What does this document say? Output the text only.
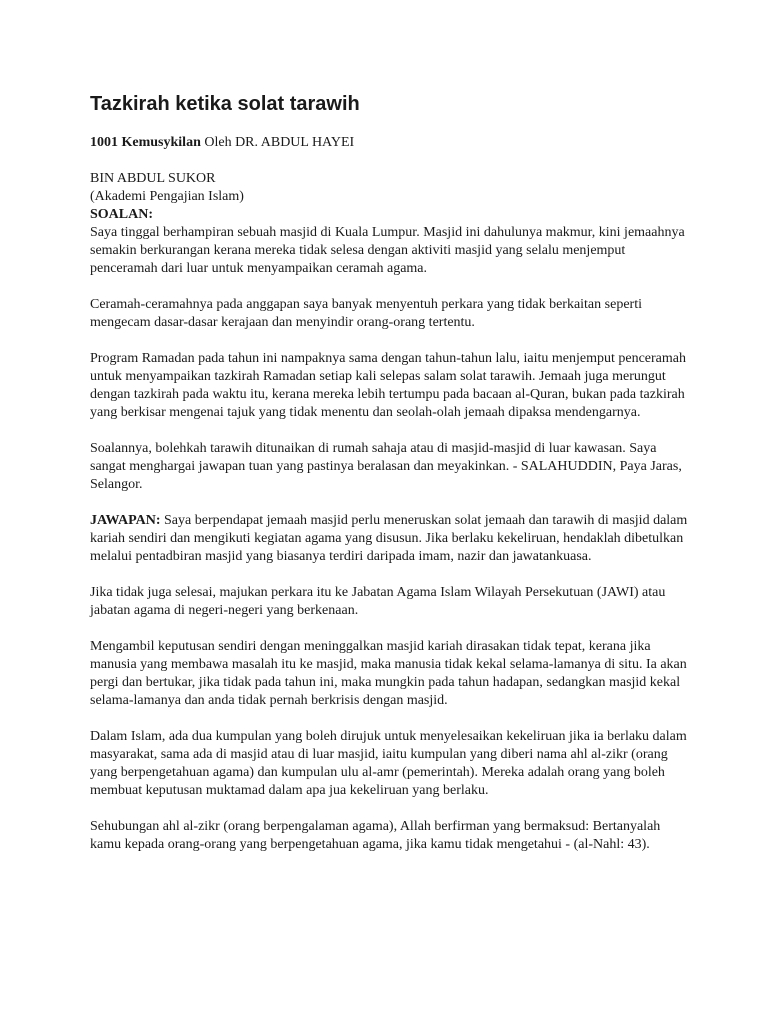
Tazkirah ketika solat tarawih

1001 Kemusykilan Oleh DR. ABDUL HAYEI

BIN ABDUL SUKOR

(Akademi Pengajian Islam)

SOALAN:

Saya tinggal berhampiran sebuah masjid di Kuala Lumpur. Masjid ini dahulunya makmur, kini jemaahnya semakin berkurangan kerana mereka tidak selesa dengan aktiviti masjid yang selalu menjemput penceramah dari luar untuk menyampaikan ceramah agama.

Ceramah-ceramahnya pada anggapan saya banyak menyentuh perkara yang tidak berkaitan seperti mengecam dasar-dasar kerajaan dan menyindir orang-orang tertentu.

Program Ramadan pada tahun ini nampaknya sama dengan tahun-tahun lalu, iaitu menjemput penceramah untuk menyampaikan tazkirah Ramadan setiap kali selepas salam solat tarawih. Jemaah juga merungut dengan tazkirah pada waktu itu, kerana mereka lebih tertumpu pada bacaan al-Quran, bukan pada tazkirah yang berkisar mengenai tajuk yang tidak menentu dan seolah-olah jemaah dipaksa mendengarnya.

Soalannya, bolehkah tarawih ditunaikan di rumah sahaja atau di masjid-masjid di luar kawasan. Saya sangat menghargai jawapan tuan yang pastinya beralasan dan meyakinkan. - SALAHUDDIN, Paya Jaras, Selangor.

JAWAPAN: Saya berpendapat jemaah masjid perlu meneruskan solat jemaah dan tarawih di masjid dalam kariah sendiri dan mengikuti kegiatan agama yang disusun. Jika berlaku kekeliruan, hendaklah dibetulkan melalui pentadbiran masjid yang biasanya terdiri daripada imam, nazir dan jawatankuasa.

Jika tidak juga selesai, majukan perkara itu ke Jabatan Agama Islam Wilayah Persekutuan (JAWI) atau jabatan agama di negeri-negeri yang berkenaan.

Mengambil keputusan sendiri dengan meninggalkan masjid kariah dirasakan tidak tepat, kerana jika manusia yang membawa masalah itu ke masjid, maka manusia tidak kekal selama-lamanya di situ. Ia akan pergi dan bertukar, jika tidak pada tahun ini, maka mungkin pada tahun hadapan, sedangkan masjid kekal selama-lamanya dan anda tidak pernah berkrisis dengan masjid.

Dalam Islam, ada dua kumpulan yang boleh dirujuk untuk menyelesaikan kekeliruan jika ia berlaku dalam masyarakat, sama ada di masjid atau di luar masjid, iaitu kumpulan yang diberi nama ahl al-zikr (orang yang berpengetahuan agama) dan kumpulan ulu al-amr (pemerintah). Mereka adalah orang yang boleh membuat keputusan muktamad dalam apa jua kekeliruan yang berlaku.

Sehubungan ahl al-zikr (orang berpengalaman agama), Allah berfirman yang bermaksud: Bertanyalah kamu kepada orang-orang yang berpengetahuan agama, jika kamu tidak mengetahui - (al-Nahl: 43).
